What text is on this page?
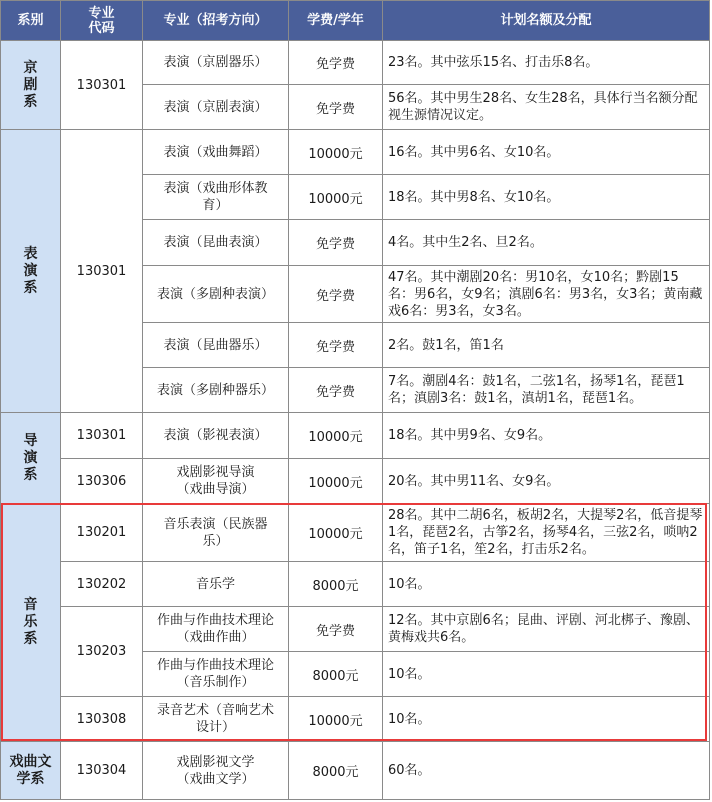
系别	专业代码	专业（招考方向）	学费/学年	计划名额及分配
京剧系	130301	表演（京剧器乐）	免学费	23名。其中弦乐15名、打击乐8名。
		表演（京剧表演）	免学费	56名。其中男生28名、女生28名，具体行当名额分配视生源情况议定。
表演系	130301	表演（戏曲舞蹈）	10000元	16名。其中男6名、女10名。
		表演（戏曲形体教育）	10000元	18名。其中男8名、女10名。
		表演（昆曲表演）	免学费	4名。其中生2名、旦2名。
		表演（多剧种表演）	免学费	47名。其中潮剧20名：男10名，女10名；黔剧15名：男6名，女9名；滇剧6名：男3名，女3名；黄南藏戏6名：男3名，女3名。
		表演（昆曲器乐）	免学费	2名。鼓1名，笛1名
		表演（多剧种器乐）	免学费	7名。潮剧4名：鼓1名，二弦1名，扬琴1名，琵琶1名；滇剧3名：鼓1名，滇胡1名，琵琶1名。
导演系	130301	表演（影视表演）	10000元	18名。其中男9名、女9名。
	130306	戏剧影视导演（戏曲导演）	10000元	20名。其中男11名、女9名。
音乐系	130201	音乐表演（民族器乐）	10000元	28名。其中二胡6名，板胡2名，大提琴2名，低音提琴1名，琵琶2名，古筝2名，扬琴4名，三弦2名，唢呐2名，笛子1名，笙2名，打击乐2名。
	130202	音乐学	8000元	10名。
	130203	作曲与作曲技术理论（戏曲作曲）	免学费	12名。其中京剧6名；昆曲、评剧、河北梆子、豫剧、黄梅戏共6名。
		作曲与作曲技术理论（音乐制作）	8000元	10名。
	130308	录音艺术（音响艺术设计）	10000元	10名。
戏曲文学系	130304	戏剧影视文学（戏曲文学）	8000元	60名。
